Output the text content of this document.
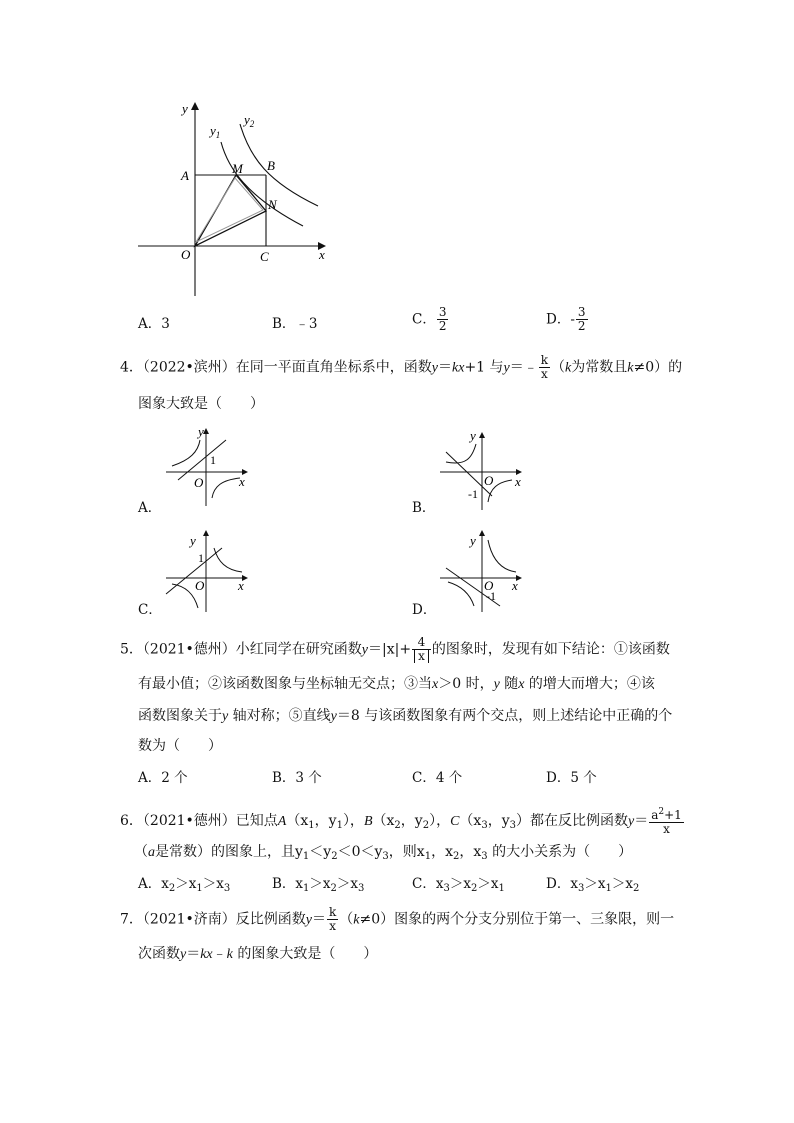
y
$y_1$
$y_2$
A	M B
N
O	C	x
A．3	B．﹣3	C． $\frac{3}{2}$	D．- $\frac{3}{2}$
4．（2022•滨州）在同一平面直角坐标系中，函数y＝kx+1 与y＝﹣ $\frac{k}{x} (k$为常数且k≠0）的
图象大致是（　　）
y
x
O
y
x
O
y
x
O
y
x
O
1
-1
1
-1
A．	B．
C．	D．
5．（2021•德州）小红同学在研究函数$y=|x|+ \frac{4}{x}$ 的图象时，发现有如下结论：①该函数
有最小值；②该函数图象与坐标轴无交点；③当x＞0 时，y 随x 的增大而增大；④该
函数图象关于y 轴对称；⑤直线y＝8 与该函数图象有两个交点，则上述结论中正确的个
数为（　　）
A．2 个	B．3 个	C．4 个	D．5 个
6．（2021•德州）已知点$A(x_1$，$y_1$），$B(x_2$，$y_2$），$C(x_3$，$y_3$）都在反比例函数$y= \frac{a^2+1}{x}$
（a是常数）的图象上，且$y_1<y_2<0<y_3$，则$x_1$，$x_2$，$x_3$ 的大小关系为（　　）
A．$x_2>x_1>x_3$	B．$x_1>x_2>x_3$	C．$x_3>x_2>x_1$	D．$x_3>x_1>x_2$
7．（2021•济南）反比例函数$y= \frac{k}{x} (k\ne 0)$图象的两个分支分别位于第一、三象限，则一
次函数y＝kx﹣k 的图象大致是（　　）
